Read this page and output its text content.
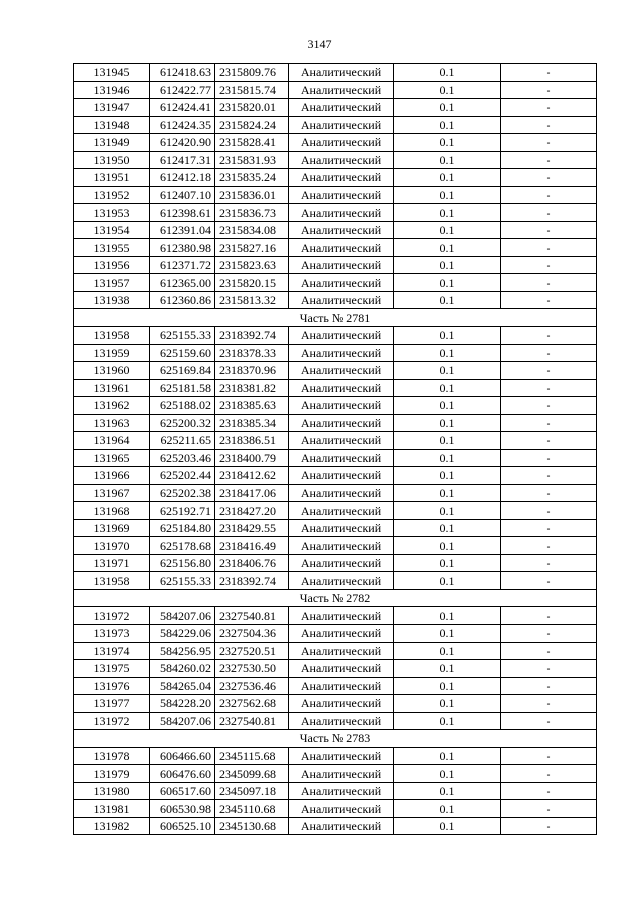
3147
131945	612418.63	2315809.76	Аналитический	0.1	-
131946	612422.77	2315815.74	Аналитический	0.1	-
131947	612424.41	2315820.01	Аналитический	0.1	-
131948	612424.35	2315824.24	Аналитический	0.1	-
131949	612420.90	2315828.41	Аналитический	0.1	-
131950	612417.31	2315831.93	Аналитический	0.1	-
131951	612412.18	2315835.24	Аналитический	0.1	-
131952	612407.10	2315836.01	Аналитический	0.1	-
131953	612398.61	2315836.73	Аналитический	0.1	-
131954	612391.04	2315834.08	Аналитический	0.1	-
131955	612380.98	2315827.16	Аналитический	0.1	-
131956	612371.72	2315823.63	Аналитический	0.1	-
131957	612365.00	2315820.15	Аналитический	0.1	-
131938	612360.86	2315813.32	Аналитический	0.1	-
Часть № 2781					
131958	625155.33	2318392.74	Аналитический	0.1	-
131959	625159.60	2318378.33	Аналитический	0.1	-
131960	625169.84	2318370.96	Аналитический	0.1	-
131961	625181.58	2318381.82	Аналитический	0.1	-
131962	625188.02	2318385.63	Аналитический	0.1	-
131963	625200.32	2318385.34	Аналитический	0.1	-
131964	625211.65	2318386.51	Аналитический	0.1	-
131965	625203.46	2318400.79	Аналитический	0.1	-
131966	625202.44	2318412.62	Аналитический	0.1	-
131967	625202.38	2318417.06	Аналитический	0.1	-
131968	625192.71	2318427.20	Аналитический	0.1	-
131969	625184.80	2318429.55	Аналитический	0.1	-
131970	625178.68	2318416.49	Аналитический	0.1	-
131971	625156.80	2318406.76	Аналитический	0.1	-
131958	625155.33	2318392.74	Аналитический	0.1	-
Часть № 2782					
131972	584207.06	2327540.81	Аналитический	0.1	-
131973	584229.06	2327504.36	Аналитический	0.1	-
131974	584256.95	2327520.51	Аналитический	0.1	-
131975	584260.02	2327530.50	Аналитический	0.1	-
131976	584265.04	2327536.46	Аналитический	0.1	-
131977	584228.20	2327562.68	Аналитический	0.1	-
131972	584207.06	2327540.81	Аналитический	0.1	-
Часть № 2783					
131978	606466.60	2345115.68	Аналитический	0.1	-
131979	606476.60	2345099.68	Аналитический	0.1	-
131980	606517.60	2345097.18	Аналитический	0.1	-
131981	606530.98	2345110.68	Аналитический	0.1	-
131982	606525.10	2345130.68	Аналитический	0.1	-
